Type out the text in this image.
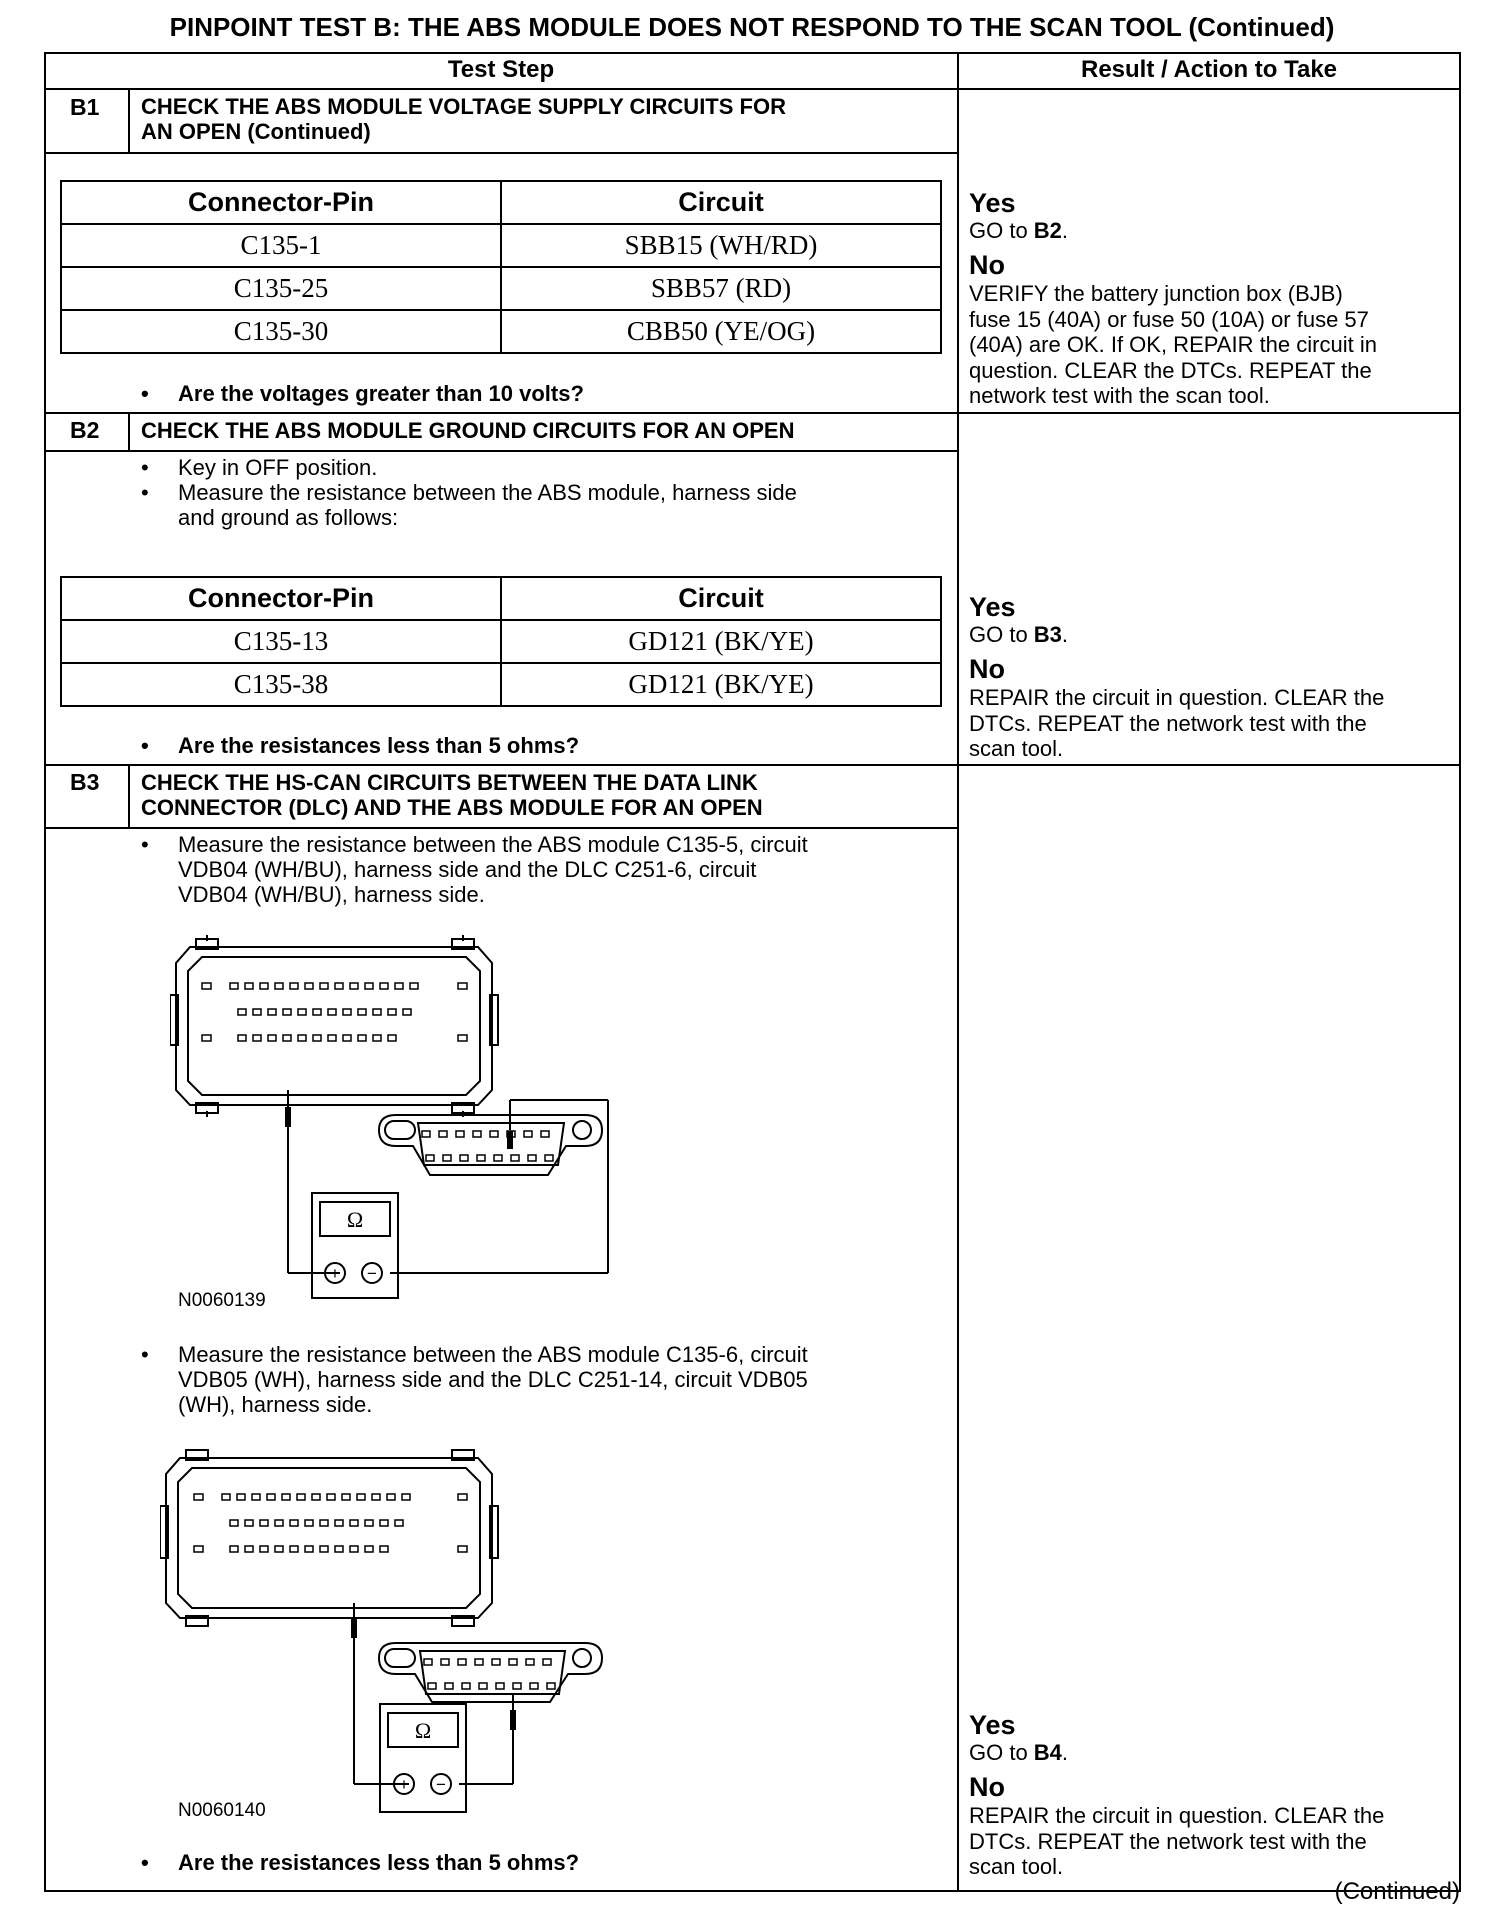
PINPOINT TEST B: THE ABS MODULE DOES NOT RESPOND TO THE SCAN TOOL (Continued)
Test Step	Result / Action to Take
B1 CHECK THE ABS MODULE VOLTAGE SUPPLY CIRCUITS FOR
AN OPEN (Continued)
Connector-Pin	Circuit
C135-1	SBB15 (WH/RD)
C135-25	SBB57 (RD)
C135-30	CBB50 (YE/OG)
• Are the voltages greater than 10 volts?
Yes
GO to B2.
No
VERIFY the battery junction box (BJB)
fuse 15 (40A) or fuse 50 (10A) or fuse 57
(40A) are OK. If OK, REPAIR the circuit in
question. CLEAR the DTCs. REPEAT the
network test with the scan tool.
B2 CHECK THE ABS MODULE GROUND CIRCUITS FOR AN OPEN
• Key in OFF position.
• Measure the resistance between the ABS module, harness side
and ground as follows:
Connector-Pin	Circuit
C135-13	GD121 (BK/YE)
C135-38	GD121 (BK/YE)
• Are the resistances less than 5 ohms?
Yes
GO to B3.
No
REPAIR the circuit in question. CLEAR the
DTCs. REPEAT the network test with the
scan tool.
B3 CHECK THE HS-CAN CIRCUITS BETWEEN THE DATA LINK
CONNECTOR (DLC) AND THE ABS MODULE FOR AN OPEN
• Measure the resistance between the ABS module C135-5, circuit
VDB04 (WH/BU), harness side and the DLC C251-6, circuit
VDB04 (WH/BU), harness side.
Ω
+ −
N0060139
• Measure the resistance between the ABS module C135-6, circuit
VDB05 (WH), harness side and the DLC C251-14, circuit VDB05
(WH), harness side.
Ω
+ −
N0060140
• Are the resistances less than 5 ohms?
Yes
GO to B4.
No
REPAIR the circuit in question. CLEAR the
DTCs. REPEAT the network test with the
scan tool.
(Continued)
